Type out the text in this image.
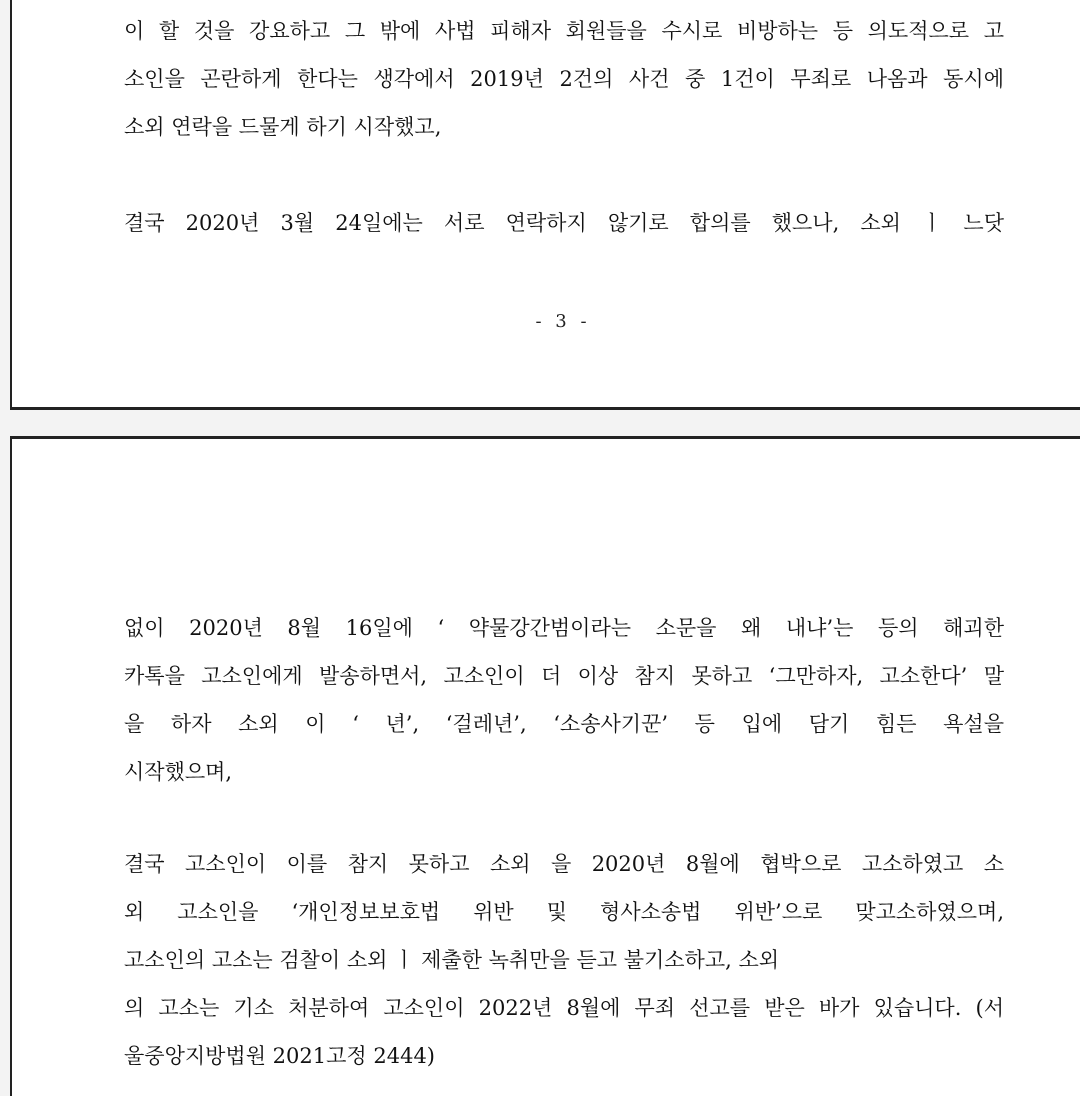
이 할 것을 강요하고 그 밖에 사법 피해자 회원들을 수시로 비방하는 등 의도적으로 고
소인을 곤란하게 한다는 생각에서 2019년 2건의 사건 중 1건이 무죄로 나옴과 동시에
소외 연락을 드물게 하기 시작했고,
결국 2020년 3월 24일에는 서로 연락하지 않기로 합의를 했으나, 소외 ㅣ 느닷
- 3 -
없이 2020년 8월 16일에 ‘ 약물강간범이라는 소문을 왜 내냐’는 등의 해괴한
카톡을 고소인에게 발송하면서, 고소인이 더 이상 참지 못하고 ‘그만하자, 고소한다’ 말
을 하자 소외 이 ‘ 년’, ‘걸레년’, ‘소송사기꾼’ 등 입에 담기 힘든 욕설을
시작했으며,
결국 고소인이 이를 참지 못하고 소외 을 2020년 8월에 협박으로 고소하였고 소
외 고소인을 ‘개인정보보호법 위반 및 형사소송법 위반’으로 맞고소하였으며,
고소인의 고소는 검찰이 소외 ㅣ 제출한 녹취만을 듣고 불기소하고, 소외
의 고소는 기소 처분하여 고소인이 2022년 8월에 무죄 선고를 받은 바가 있습니다. (서
울중앙지방법원 2021고정 2444)
